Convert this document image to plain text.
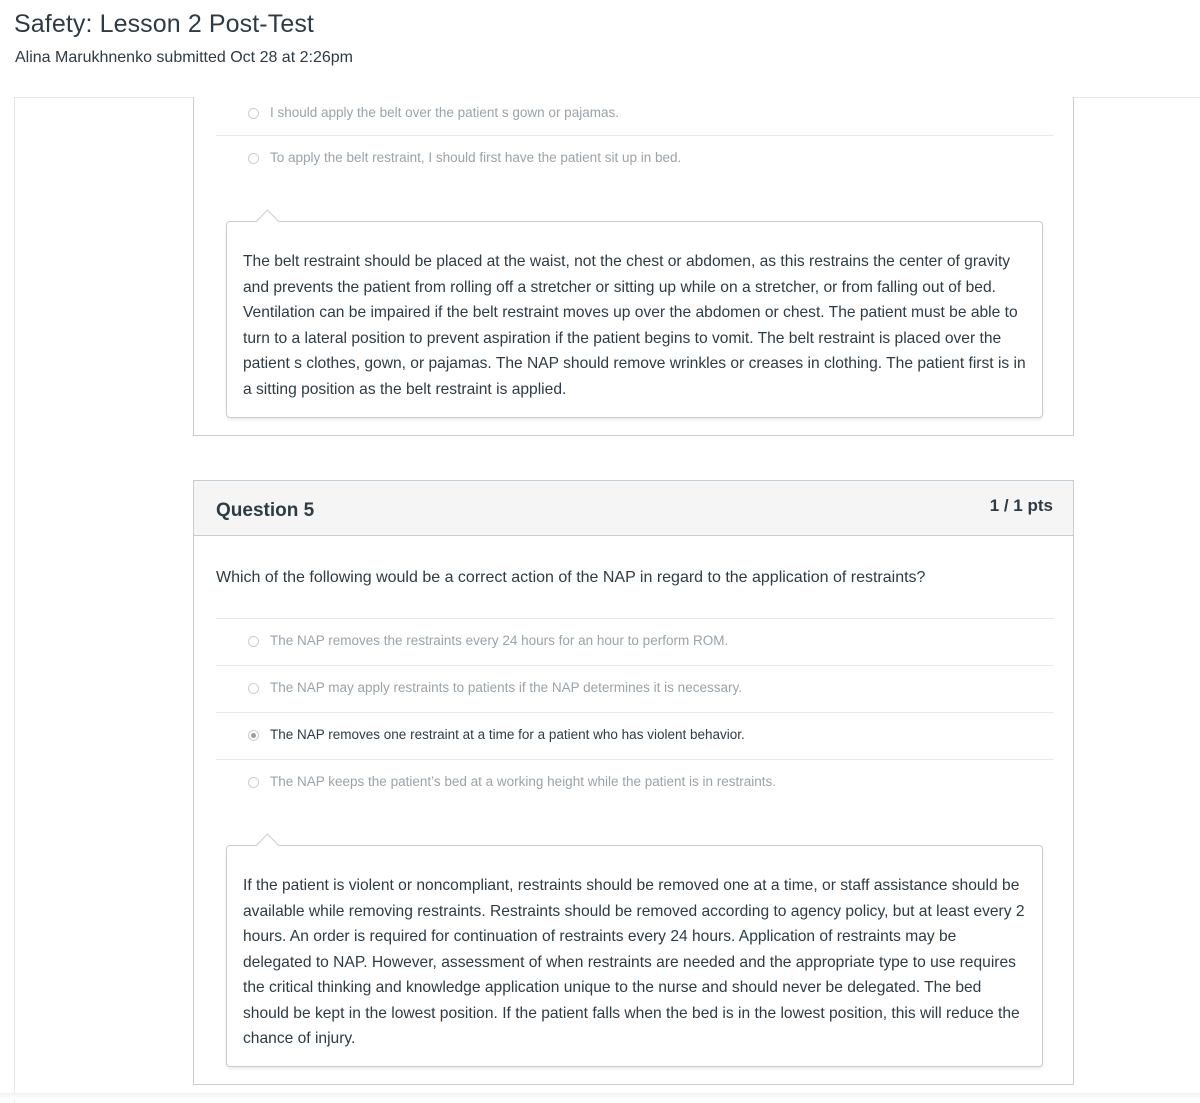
Safety: Lesson 2 Post-Test
Alina Marukhnenko submitted Oct 28 at 2:26pm
I should apply the belt over the patient s gown or pajamas.
To apply the belt restraint, I should first have the patient sit up in bed.

The belt restraint should be placed at the waist, not the chest or abdomen, as this restrains the center of gravity and prevents the patient from rolling off a stretcher or sitting up while on a stretcher, or from falling out of bed. Ventilation can be impaired if the belt restraint moves up over the abdomen or chest. The patient must be able to turn to a lateral position to prevent aspiration if the patient begins to vomit. The belt restraint is placed over the patient s clothes, gown, or pajamas. The NAP should remove wrinkles or creases in clothing. The patient first is in a sitting position as the belt restraint is applied.

Question 5	1 / 1 pts
Which of the following would be a correct action of the NAP in regard to the application of restraints?
The NAP removes the restraints every 24 hours for an hour to perform ROM.
The NAP may apply restraints to patients if the NAP determines it is necessary.
The NAP removes one restraint at a time for a patient who has violent behavior.
The NAP keeps the patient’s bed at a working height while the patient is in restraints.

If the patient is violent or noncompliant, restraints should be removed one at a time, or staff assistance should be available while removing restraints. Restraints should be removed according to agency policy, but at least every 2 hours. An order is required for continuation of restraints every 24 hours. Application of restraints may be delegated to NAP. However, assessment of when restraints are needed and the appropriate type to use requires the critical thinking and knowledge application unique to the nurse and should never be delegated. The bed should be kept in the lowest position. If the patient falls when the bed is in the lowest position, this will reduce the chance of injury.
